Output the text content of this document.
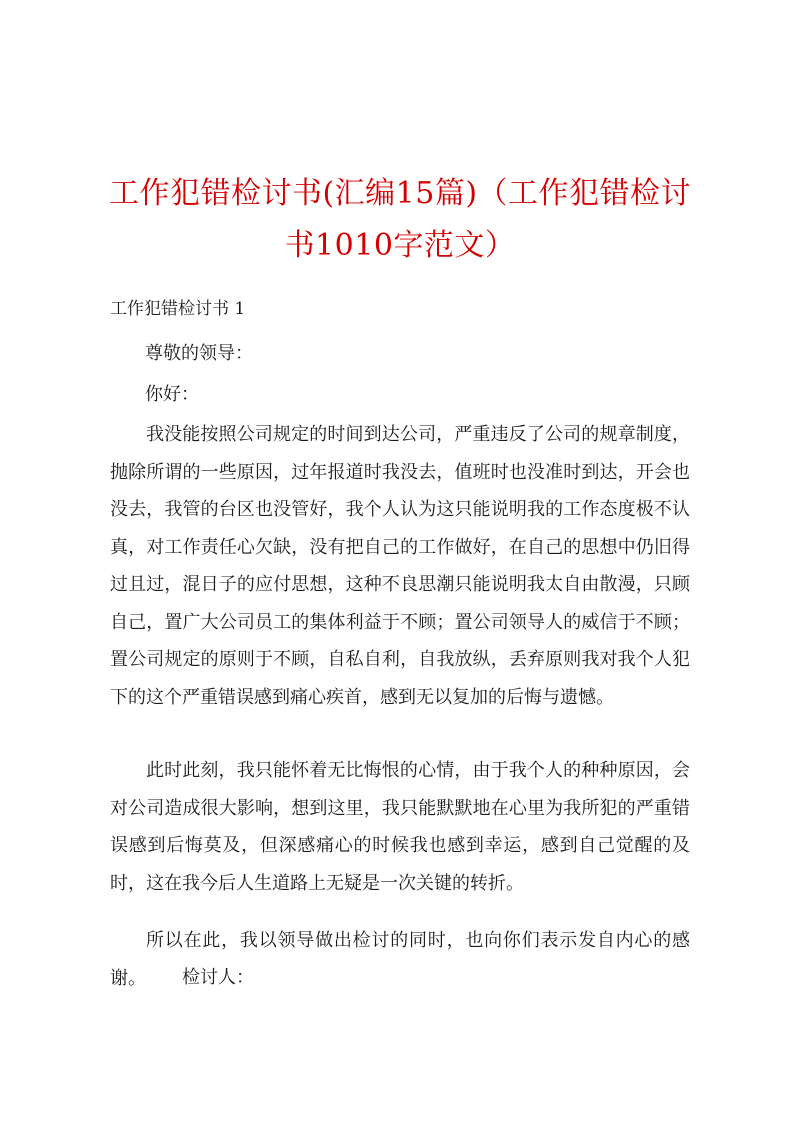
工作犯错检讨书(汇编15篇)（工作犯错检讨书1010字范文）
工作犯错检讨书 1
尊敬的领导：
你好：

我没能按照公司规定的时间到达公司，严重违反了公司的规章制度，抛除所谓的一些原因，过年报道时我没去，值班时也没准时到达，开会也没去，我管的台区也没管好，我个人认为这只能说明我的工作态度极不认真，对工作责任心欠缺，没有把自己的工作做好，在自己的思想中仍旧得过且过，混日子的应付思想，这种不良思潮只能说明我太自由散漫，只顾自己，置广大公司员工的集体利益于不顾；置公司领导人的威信于不顾；置公司规定的原则于不顾，自私自利，自我放纵，丢弃原则我对我个人犯下的这个严重错误感到痛心疾首，感到无以复加的后悔与遗憾。

此时此刻，我只能怀着无比悔恨的心情，由于我个人的种种原因，会对公司造成很大影响，想到这里，我只能默默地在心里为我所犯的严重错误感到后悔莫及，但深感痛心的时候我也感到幸运，感到自己觉醒的及时，这在我今后人生道路上无疑是一次关键的转折。

所以在此，我以领导做出检讨的同时，也向你们表示发自内心的感谢。	检讨人：
